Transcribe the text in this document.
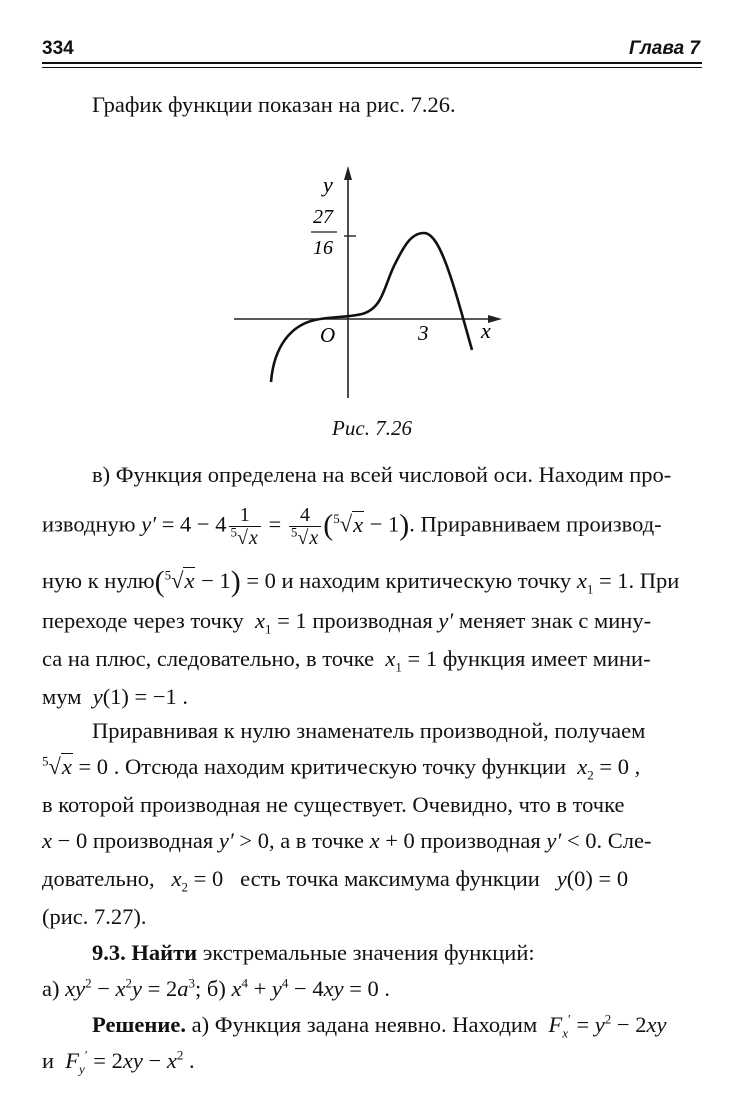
334	Глава 7
График функции показан на рис. 7.26.
y
27
16
O	3 x
Рис. 7.26
в) Функция определена на всей числовой оси. Находим про-
изводную $y' = 4 - 4 \frac{1}{^5√x} = \frac{4}{^5√x} (^5√x - 1)$. Приравниваем производ-
ную к нулю($^5$√x − 1) = 0 и находим критическую точку $x_1 = 1$. При
переходе через точку $x_1 = 1$ производная y′ меняет знак с мину-
са на плюс, следовательно, в точке $x_1 = 1$ функция имеет мини-
мум y(1) = −1 .
Приравнивая к нулю знаменатель производной, получаем
$^5$√x = 0 . Отсюда находим критическую точку функции $x_2 = 0$ ,
в которой производная не существует. Очевидно, что в точке
x − 0 производная y′ > 0, а в точке x + 0 производная y′ < 0. Сле-
довательно, $x_2 = 0$   есть точка максимума функции y(0) = 0
(рис. 7.27).
9.3. Найти экстремальные значения функций:
а) $xy^2 - x^2y = 2a^3$; б) $x^4 + y^4 - 4xy = 0$ .
Решение. а) Функция задана неявно. Находим $F_x' = y^2 - 2xy$
и $F_y' = 2xy - x^2$ .
